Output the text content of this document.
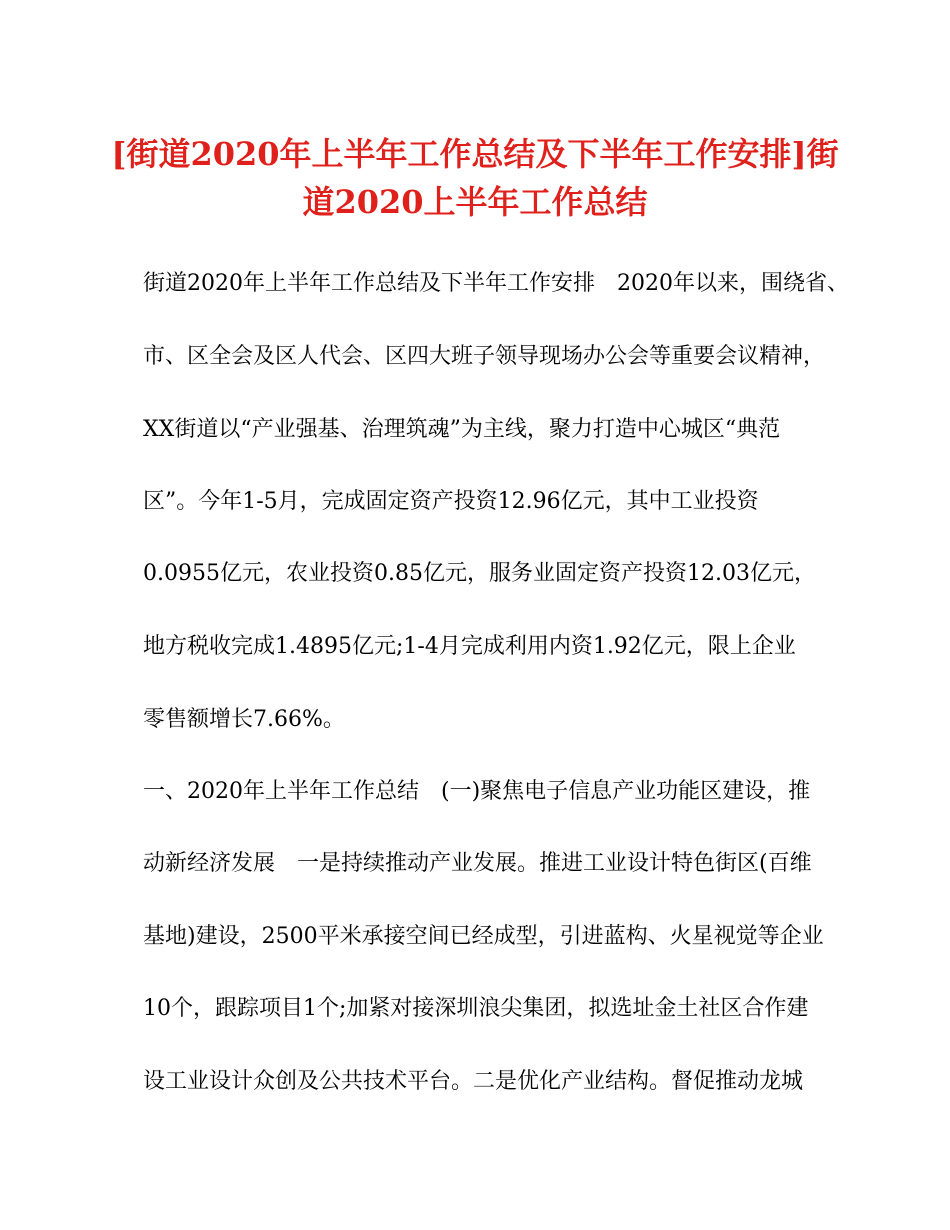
[街道2020年上半年工作总结及下半年工作安排]街
道2020上半年工作总结
街道2020年上半年工作总结及下半年工作安排　2020年以来，围绕省、
市、区全会及区人代会、区四大班子领导现场办公会等重要会议精神，
XX街道以“产业强基、治理筑魂”为主线，聚力打造中心城区“典范
区”。今年1-5月，完成固定资产投资12.96亿元，其中工业投资
0.0955亿元，农业投资0.85亿元，服务业固定资产投资12.03亿元，
地方税收完成1.4895亿元;1-4月完成利用内资1.92亿元，限上企业
零售额增长7.66%。
一、2020年上半年工作总结　(一)聚焦电子信息产业功能区建设，推
动新经济发展　一是持续推动产业发展。推进工业设计特色街区(百维
基地)建设，2500平米承接空间已经成型，引进蓝构、火星视觉等企业
10个，跟踪项目1个;加紧对接深圳浪尖集团，拟选址金土社区合作建
设工业设计众创及公共技术平台。二是优化产业结构。督促推动龙城
